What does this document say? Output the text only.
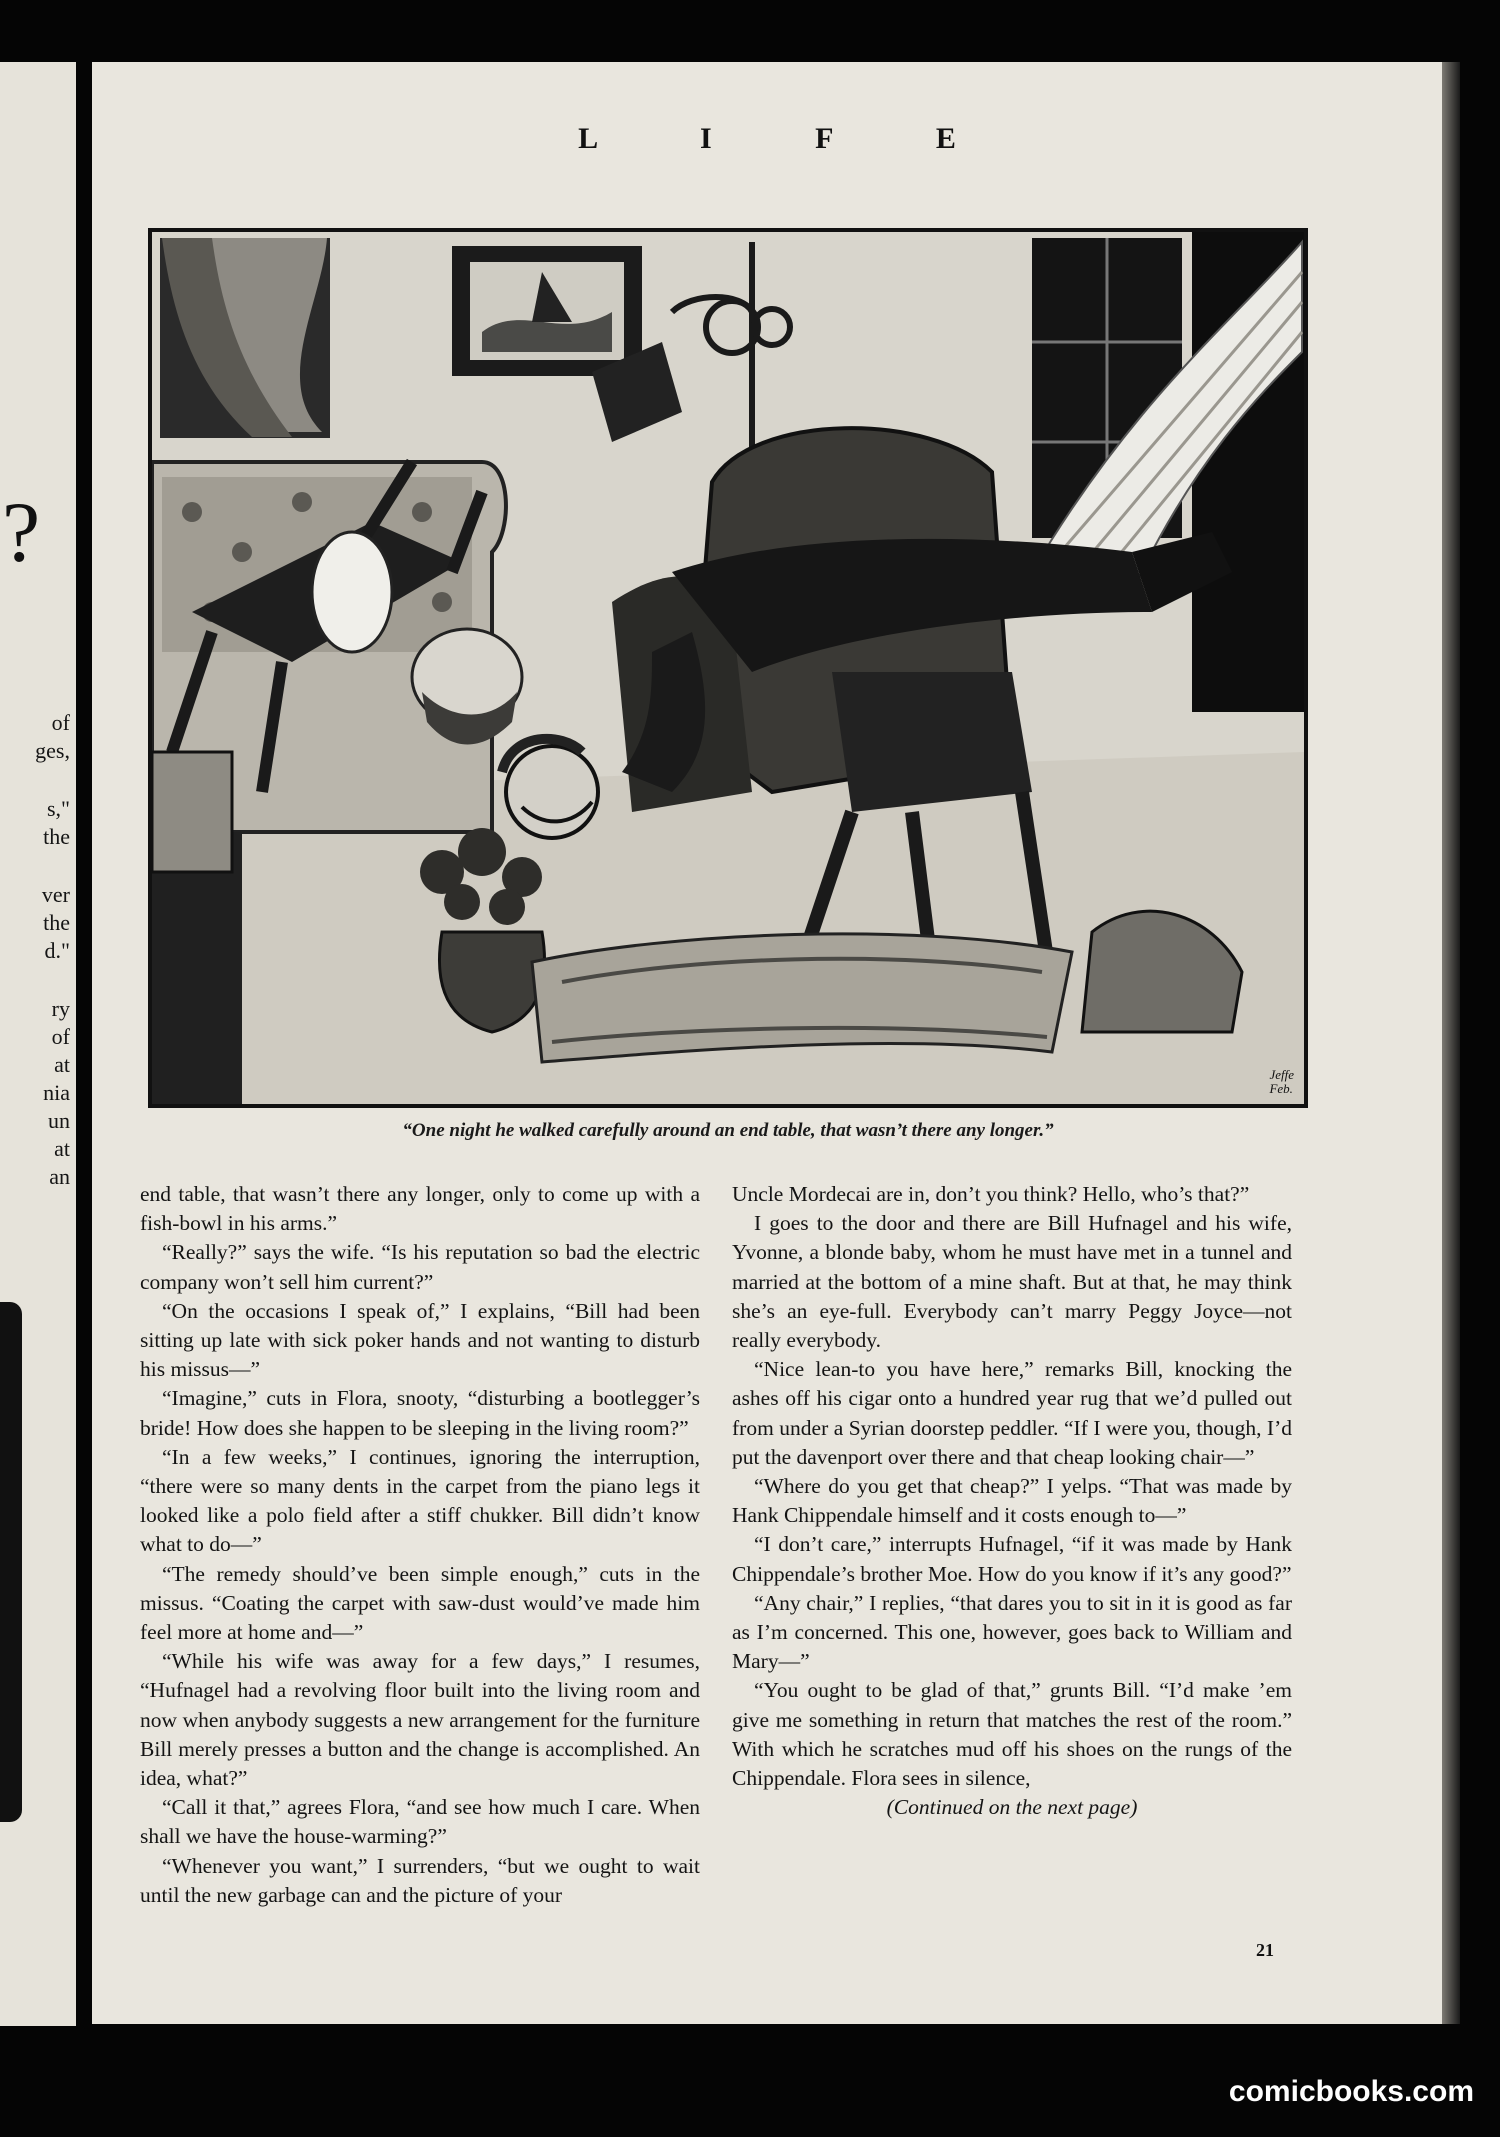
?
of
ges,
s,"
the
ver
the
d."
ry
of
at
nia
un
at
an
L I F E
Jeffe
Feb.
“One night he walked carefully around an end table, that wasn’t there any longer.”

end table, that wasn’t there any longer, only to come up with a fish-bowl in his arms.”

“Really?” says the wife. “Is his reputation so bad the electric company won’t sell him current?”

“On the occasions I speak of,” I explains, “Bill had been sitting up late with sick poker hands and not wanting to disturb his missus—”

“Imagine,” cuts in Flora, snooty, “disturbing a bootlegger’s bride! How does she happen to be sleeping in the living room?”

“In a few weeks,” I continues, ignoring the interruption, “there were so many dents in the carpet from the piano legs it looked like a polo field after a stiff chukker. Bill didn’t know what to do—”

“The remedy should’ve been simple enough,” cuts in the missus. “Coating the carpet with saw-dust would’ve made him feel more at home and—”

“While his wife was away for a few days,” I resumes, “Hufnagel had a revolving floor built into the living room and now when anybody suggests a new arrangement for the furniture Bill merely presses a button and the change is accomplished. An idea, what?”

“Call it that,” agrees Flora, “and see how much I care. When shall we have the house-warming?”

“Whenever you want,” I surrenders, “but we ought to wait until the new garbage can and the picture of your

Uncle Mordecai are in, don’t you think? Hello, who’s that?”

I goes to the door and there are Bill Hufnagel and his wife, Yvonne, a blonde baby, whom he must have met in a tunnel and married at the bottom of a mine shaft. But at that, he may think she’s an eye-full. Everybody can’t marry Peggy Joyce—not really everybody.

“Nice lean-to you have here,” remarks Bill, knocking the ashes off his cigar onto a hundred year rug that we’d pulled out from under a Syrian doorstep peddler. “If I were you, though, I’d put the davenport over there and that cheap looking chair—”

“Where do you get that cheap?” I yelps. “That was made by Hank Chippendale himself and it costs enough to—”

“I don’t care,” interrupts Hufnagel, “if it was made by Hank Chippendale’s brother Moe. How do you know if it’s any good?”

“Any chair,” I replies, “that dares you to sit in it is good as far as I’m concerned. This one, however, goes back to William and Mary—”

“You ought to be glad of that,” grunts Bill. “I’d make ’em give me something in return that matches the rest of the room.” With which he scratches mud off his shoes on the rungs of the Chippendale. Flora sees in silence,

(Continued on the next page)

21
comicbooks.com
